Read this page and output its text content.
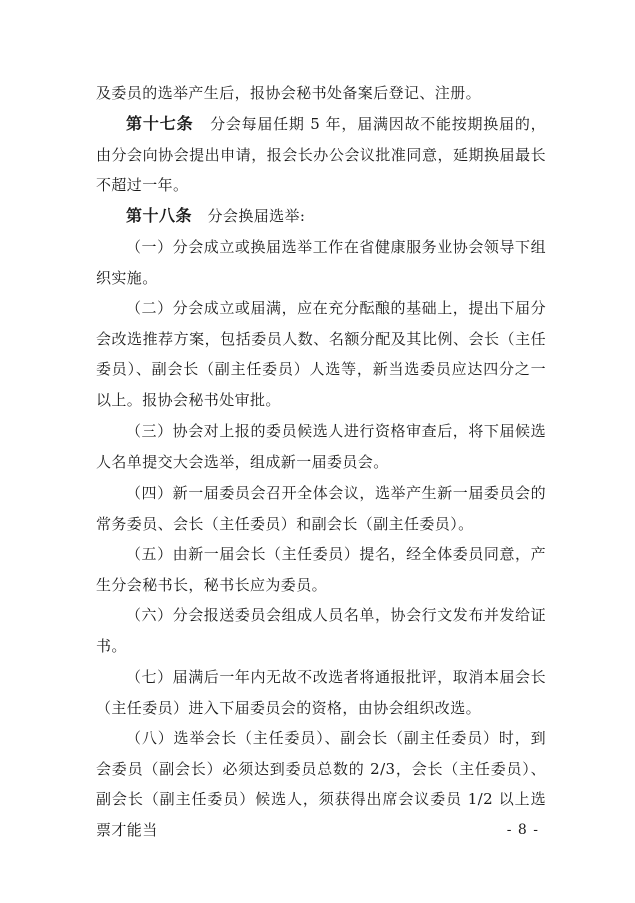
及委员的选举产生后，报协会秘书处备案后登记、注册。

第十七条 分会每届任期 5 年，届满因故不能按期换届的，由分会向协会提出申请，报会长办公会议批准同意，延期换届最长不超过一年。

第十八条 分会换届选举:

（一）分会成立或换届选举工作在省健康服务业协会领导下组织实施。

（二）分会成立或届满，应在充分酝酿的基础上，提出下届分会改选推荐方案，包括委员人数、名额分配及其比例、会长（主任委员）、副会长（副主任委员）人选等，新当选委员应达四分之一以上。报协会秘书处审批。

（三）协会对上报的委员候选人进行资格审查后，将下届候选人名单提交大会选举，组成新一届委员会。

（四）新一届委员会召开全体会议，选举产生新一届委员会的常务委员、会长（主任委员）和副会长（副主任委员）。

（五）由新一届会长（主任委员）提名，经全体委员同意，产生分会秘书长，秘书长应为委员。

（六）分会报送委员会组成人员名单，协会行文发布并发给证书。

（七）届满后一年内无故不改选者将通报批评，取消本届会长（主任委员）进入下届委员会的资格，由协会组织改选。

（八）选举会长（主任委员）、副会长（副主任委员）时，到会委员（副会长）必须达到委员总数的 2/3，会长（主任委员）、副会长（副主任委员）候选人，须获得出席会议委员 1/2 以上选票才能当	- 8 -
